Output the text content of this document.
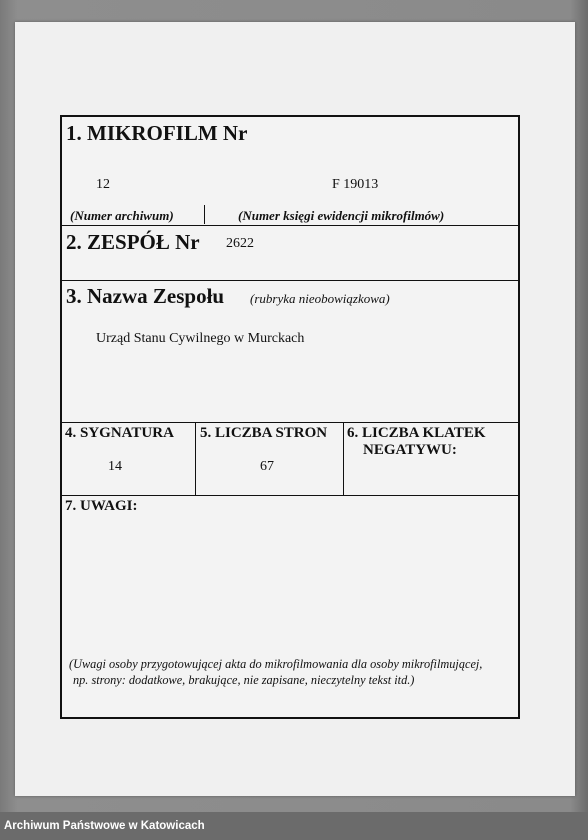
1. MIKROFILM Nr
12	F 19013
(Numer archiwum)	(Numer księgi ewidencji mikrofilmów)
2. ZESPÓŁ Nr 2622
3. Nazwa Zespołu (rubryka nieobowiązkowa)
Urząd Stanu Cywilnego w Murckach
4. SYGNATURA
14
5. LICZBA STRON
67
6. LICZBA KLATEK
NEGATYWU:
7. UWAGI:
(Uwagi osoby przygotowującej akta do mikrofilmowania dla osoby mikrofilmującej,
np. strony: dodatkowe, brakujące, nie zapisane, nieczytelny tekst itd.)
Archiwum Państwowe w Katowicach
